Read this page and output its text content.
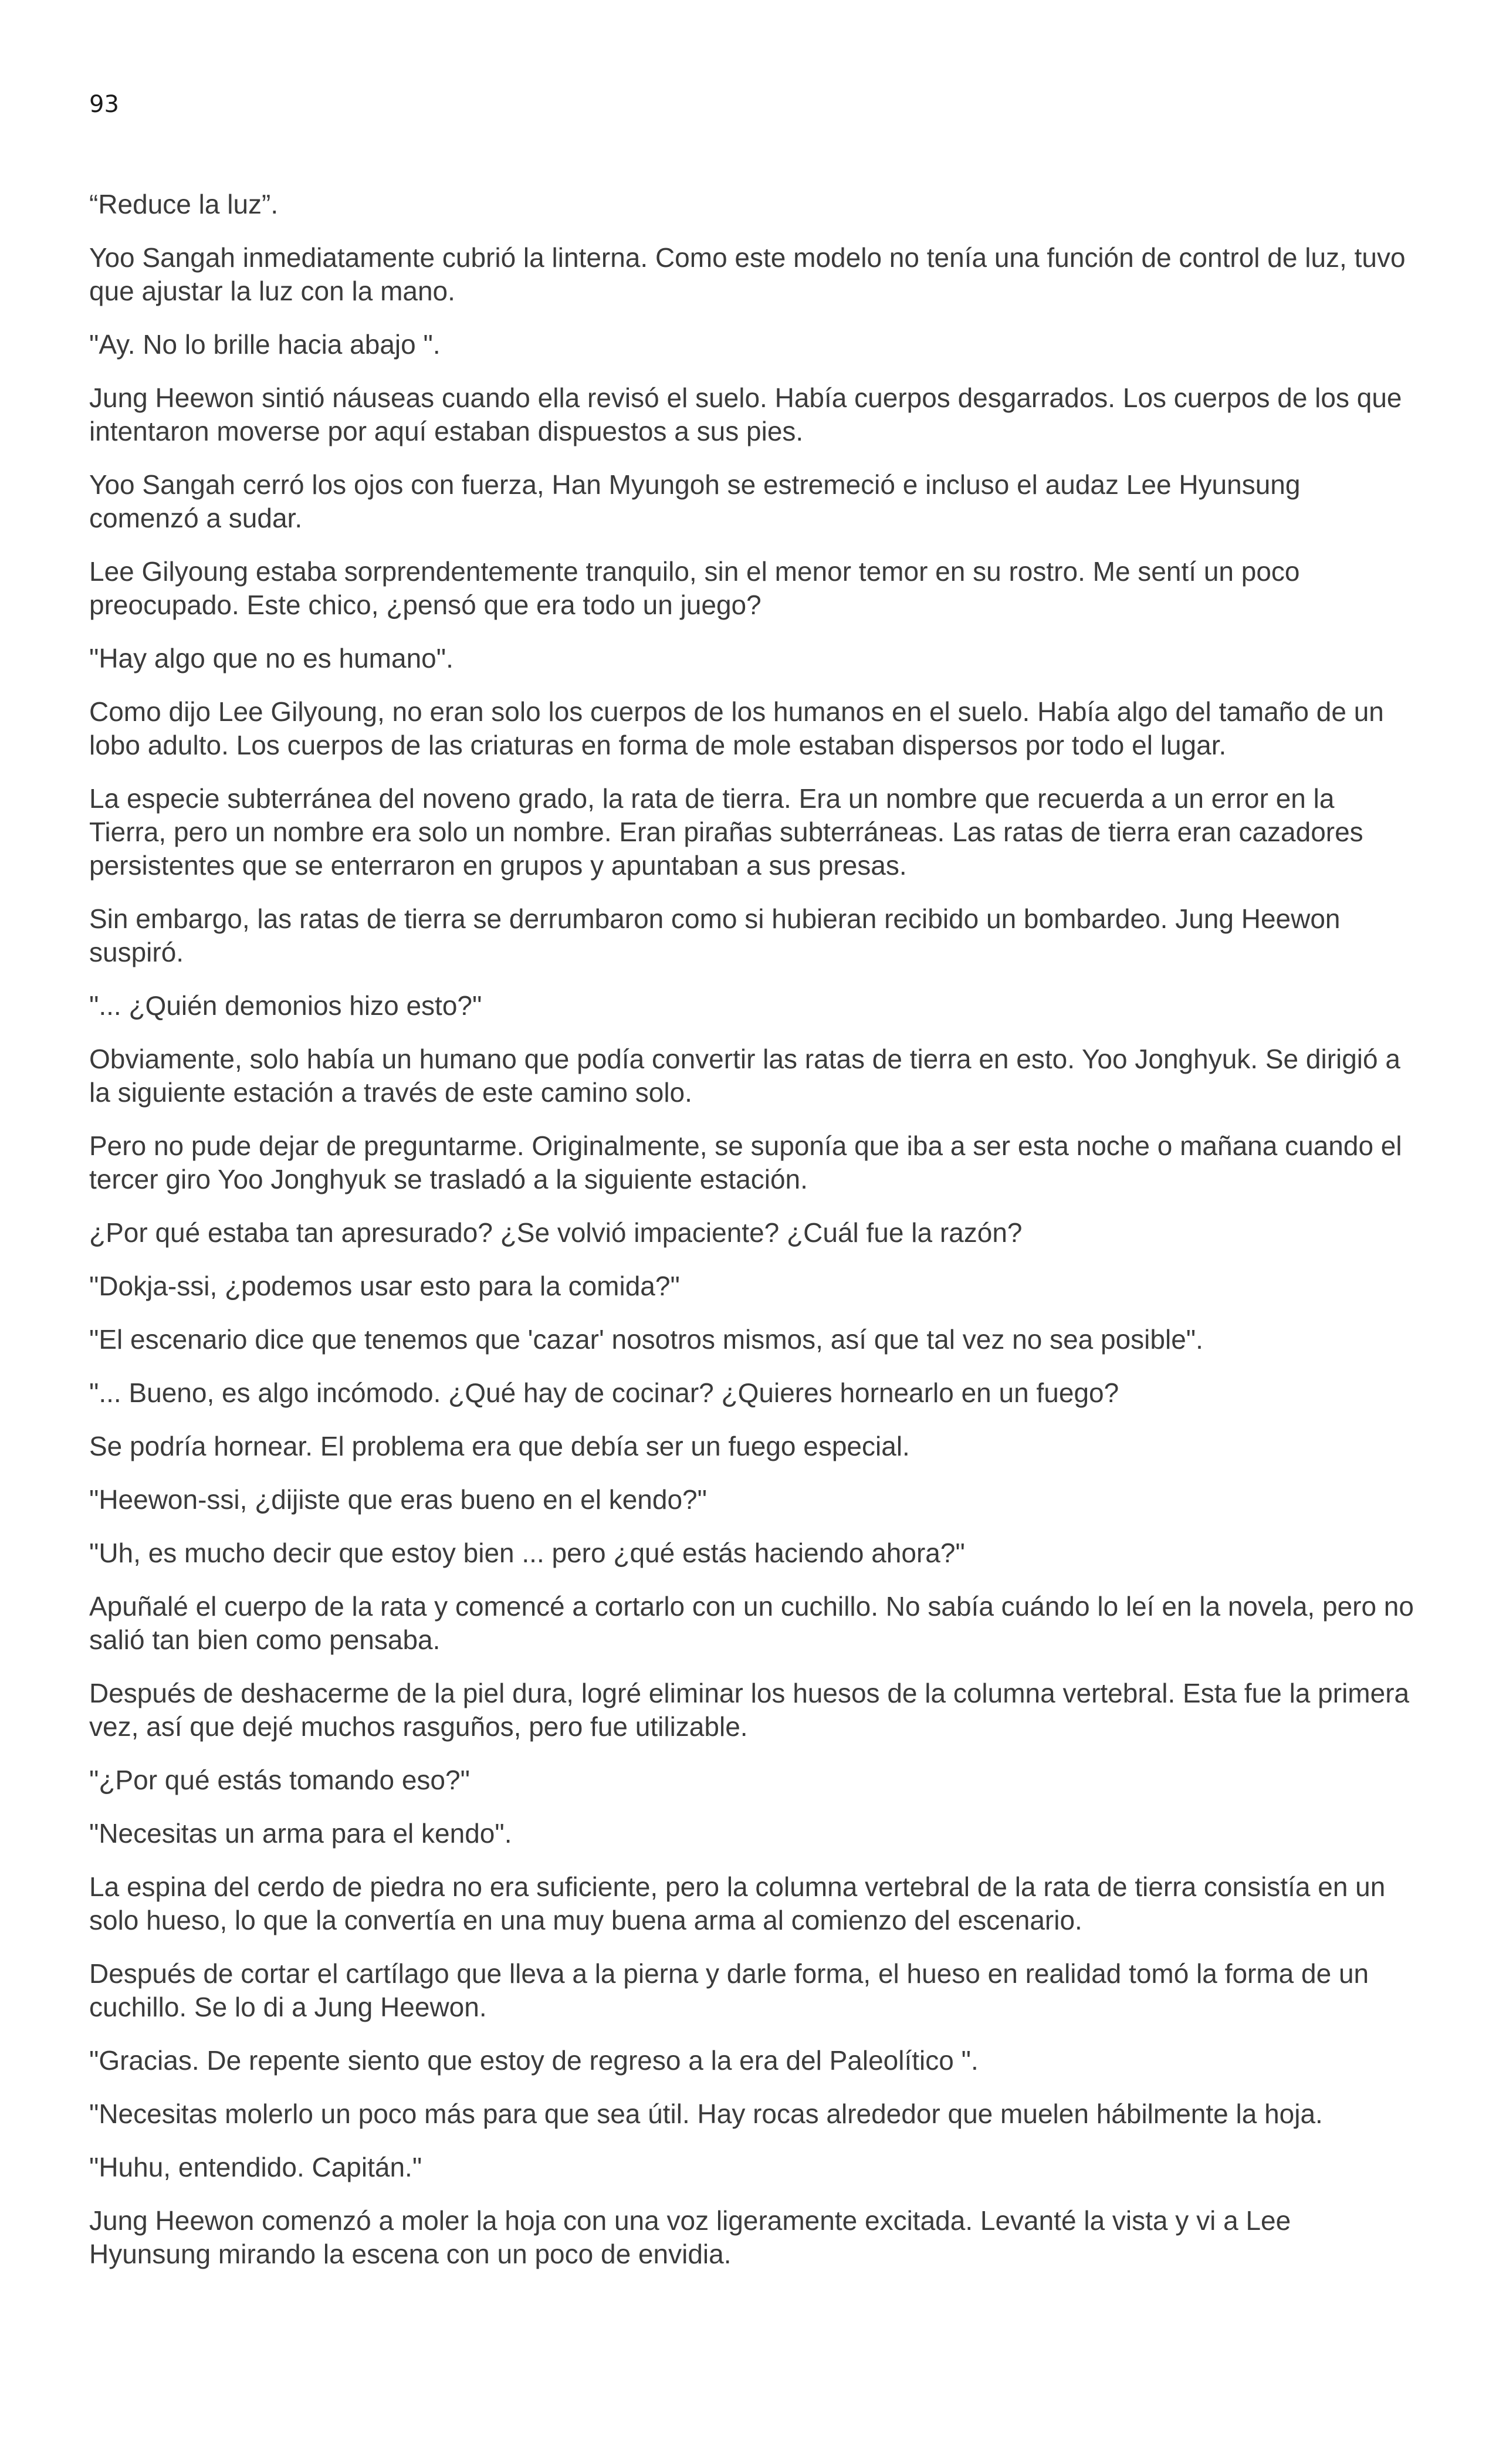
93

“Reduce la luz”.

Yoo Sangah inmediatamente cubrió la linterna. Como este modelo no tenía una función de control de luz, tuvo que ajustar la luz con la mano.

"Ay. No lo brille hacia abajo ".

Jung Heewon sintió náuseas cuando ella revisó el suelo. Había cuerpos desgarrados. Los cuerpos de los que intentaron moverse por aquí estaban dispuestos a sus pies.

Yoo Sangah cerró los ojos con fuerza, Han Myungoh se estremeció e incluso el audaz Lee Hyunsung comenzó a sudar.

Lee Gilyoung estaba sorprendentemente tranquilo, sin el menor temor en su rostro. Me sentí un poco preocupado. Este chico, ¿pensó que era todo un juego?

"Hay algo que no es humano".

Como dijo Lee Gilyoung, no eran solo los cuerpos de los humanos en el suelo. Había algo del tamaño de un lobo adulto. Los cuerpos de las criaturas en forma de mole estaban dispersos por todo el lugar.

La especie subterránea del noveno grado, la rata de tierra. Era un nombre que recuerda a un error en la Tierra, pero un nombre era solo un nombre. Eran pirañas subterráneas. Las ratas de tierra eran cazadores persistentes que se enterraron en grupos y apuntaban a sus presas.

Sin embargo, las ratas de tierra se derrumbaron como si hubieran recibido un bombardeo. Jung Heewon suspiró.

"... ¿Quién demonios hizo esto?"

Obviamente, solo había un humano que podía convertir las ratas de tierra en esto. Yoo Jonghyuk. Se dirigió a la siguiente estación a través de este camino solo.

Pero no pude dejar de preguntarme. Originalmente, se suponía que iba a ser esta noche o mañana cuando el tercer giro Yoo Jonghyuk se trasladó a la siguiente estación.

¿Por qué estaba tan apresurado? ¿Se volvió impaciente? ¿Cuál fue la razón?

"Dokja-ssi, ¿podemos usar esto para la comida?"

"El escenario dice que tenemos que 'cazar' nosotros mismos, así que tal vez no sea posible".

"... Bueno, es algo incómodo. ¿Qué hay de cocinar? ¿Quieres hornearlo en un fuego?

Se podría hornear. El problema era que debía ser un fuego especial.

"Heewon-ssi, ¿dijiste que eras bueno en el kendo?"

"Uh, es mucho decir que estoy bien ... pero ¿qué estás haciendo ahora?"

Apuñalé el cuerpo de la rata y comencé a cortarlo con un cuchillo. No sabía cuándo lo leí en la novela, pero no salió tan bien como pensaba.

Después de deshacerme de la piel dura, logré eliminar los huesos de la columna vertebral. Esta fue la primera vez, así que dejé muchos rasguños, pero fue utilizable.

"¿Por qué estás tomando eso?"

"Necesitas un arma para el kendo".

La espina del cerdo de piedra no era suficiente, pero la columna vertebral de la rata de tierra consistía en un solo hueso, lo que la convertía en una muy buena arma al comienzo del escenario.

Después de cortar el cartílago que lleva a la pierna y darle forma, el hueso en realidad tomó la forma de un cuchillo. Se lo di a Jung Heewon.

"Gracias. De repente siento que estoy de regreso a la era del Paleolítico ".

"Necesitas molerlo un poco más para que sea útil. Hay rocas alrededor que muelen hábilmente la hoja.

"Huhu, entendido. Capitán."

Jung Heewon comenzó a moler la hoja con una voz ligeramente excitada. Levanté la vista y vi a Lee Hyunsung mirando la escena con un poco de envidia.
